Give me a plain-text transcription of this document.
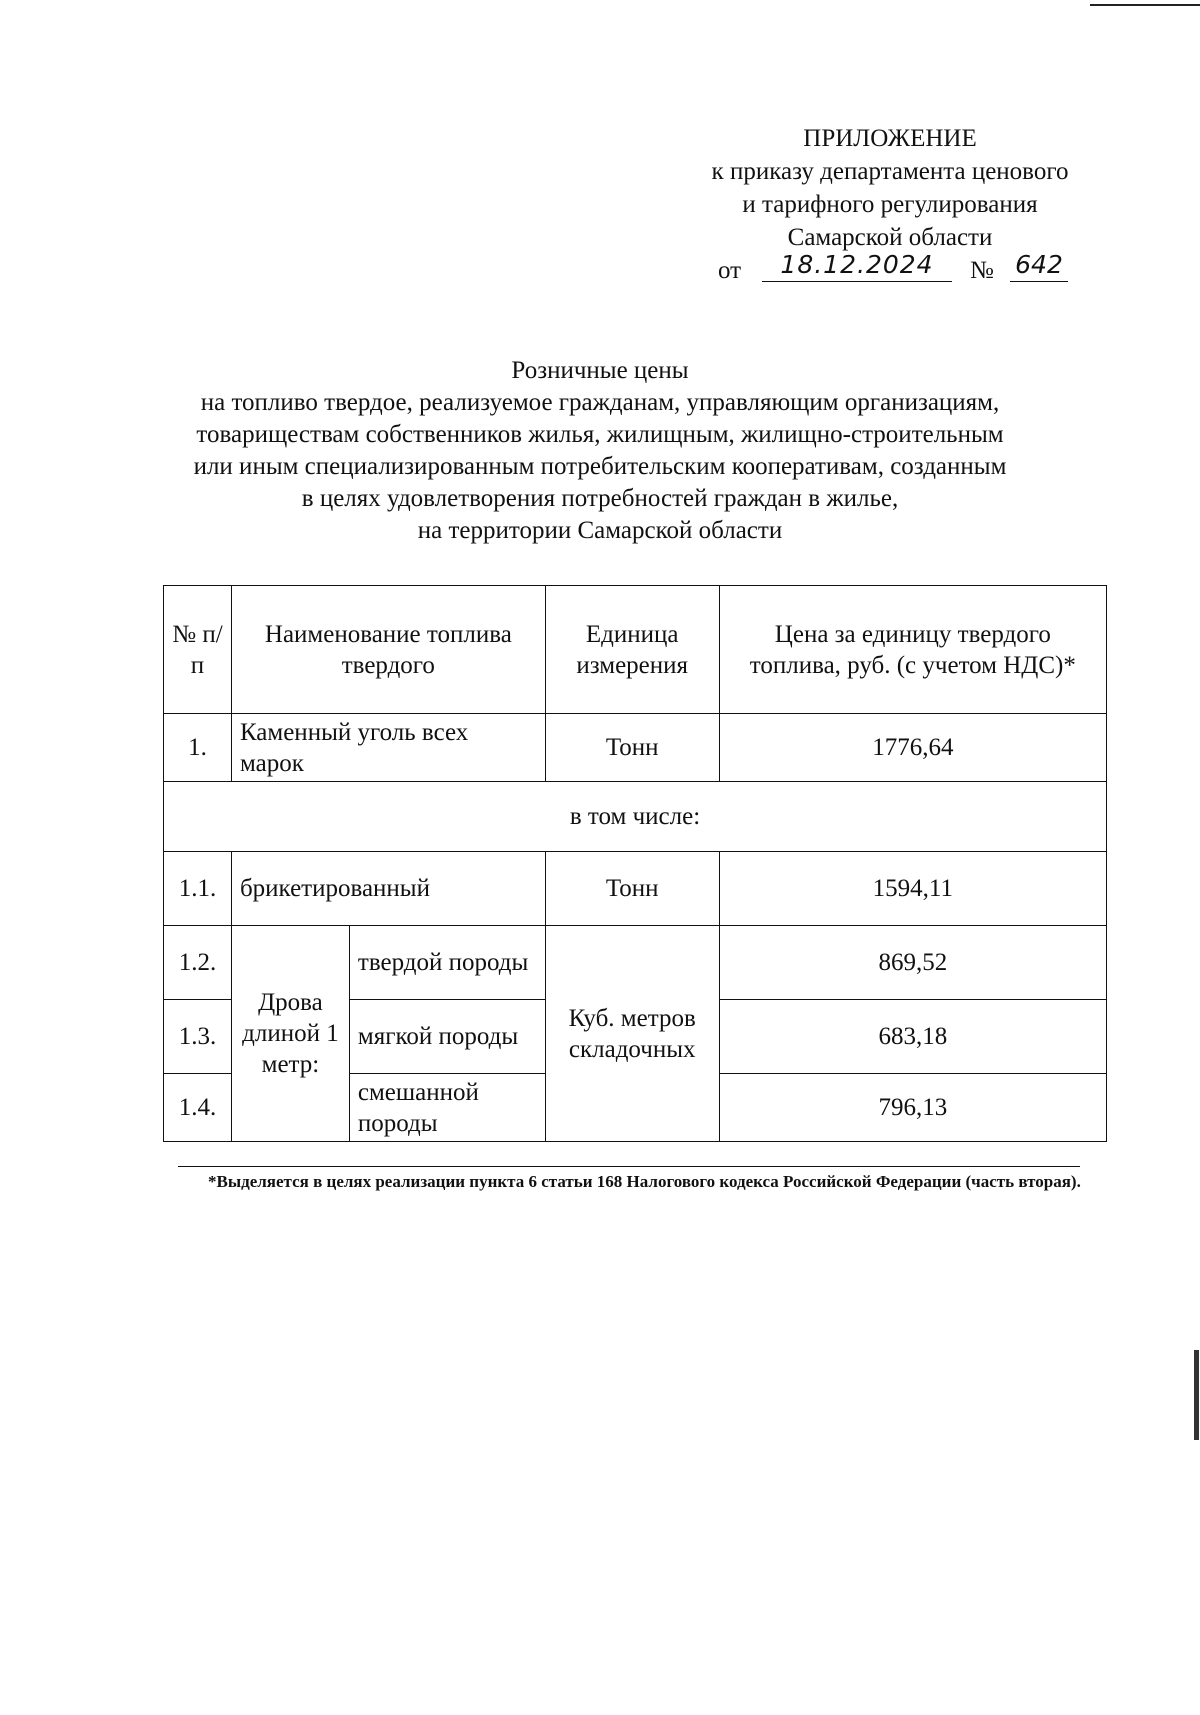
ПРИЛОЖЕНИЕ
к приказу департамента ценового
и тарифного регулирования
Самарской области
от	18.12.2024	№ 642
Розничные цены
на топливо твердое, реализуемое гражданам, управляющим организациям,
товариществам собственников жилья, жилищным, жилищно-строительным
или иным специализированным потребительским кооперативам, созданным
в целях удовлетворения потребностей граждан в жилье,
на территории Самарской области
№ п/п	Наименование топлива твердого		Единица измерения	Цена за единицу твердого топлива, руб. (с учетом НДС)*
1.	Каменный уголь всех марок		Тонн	1776,64
в том числе:				
1.1.	брикетированный		Тонн	1594,11
1.2.	Дрова длиной 1 метр:	твердой породы	Куб. метров складочных	869,52
1.3.		мягкой породы		683,18
1.4.		смешанной породы		796,13
*Выделяется в целях реализации пункта 6 статьи 168 Налогового кодекса Российской Федерации (часть вторая).
